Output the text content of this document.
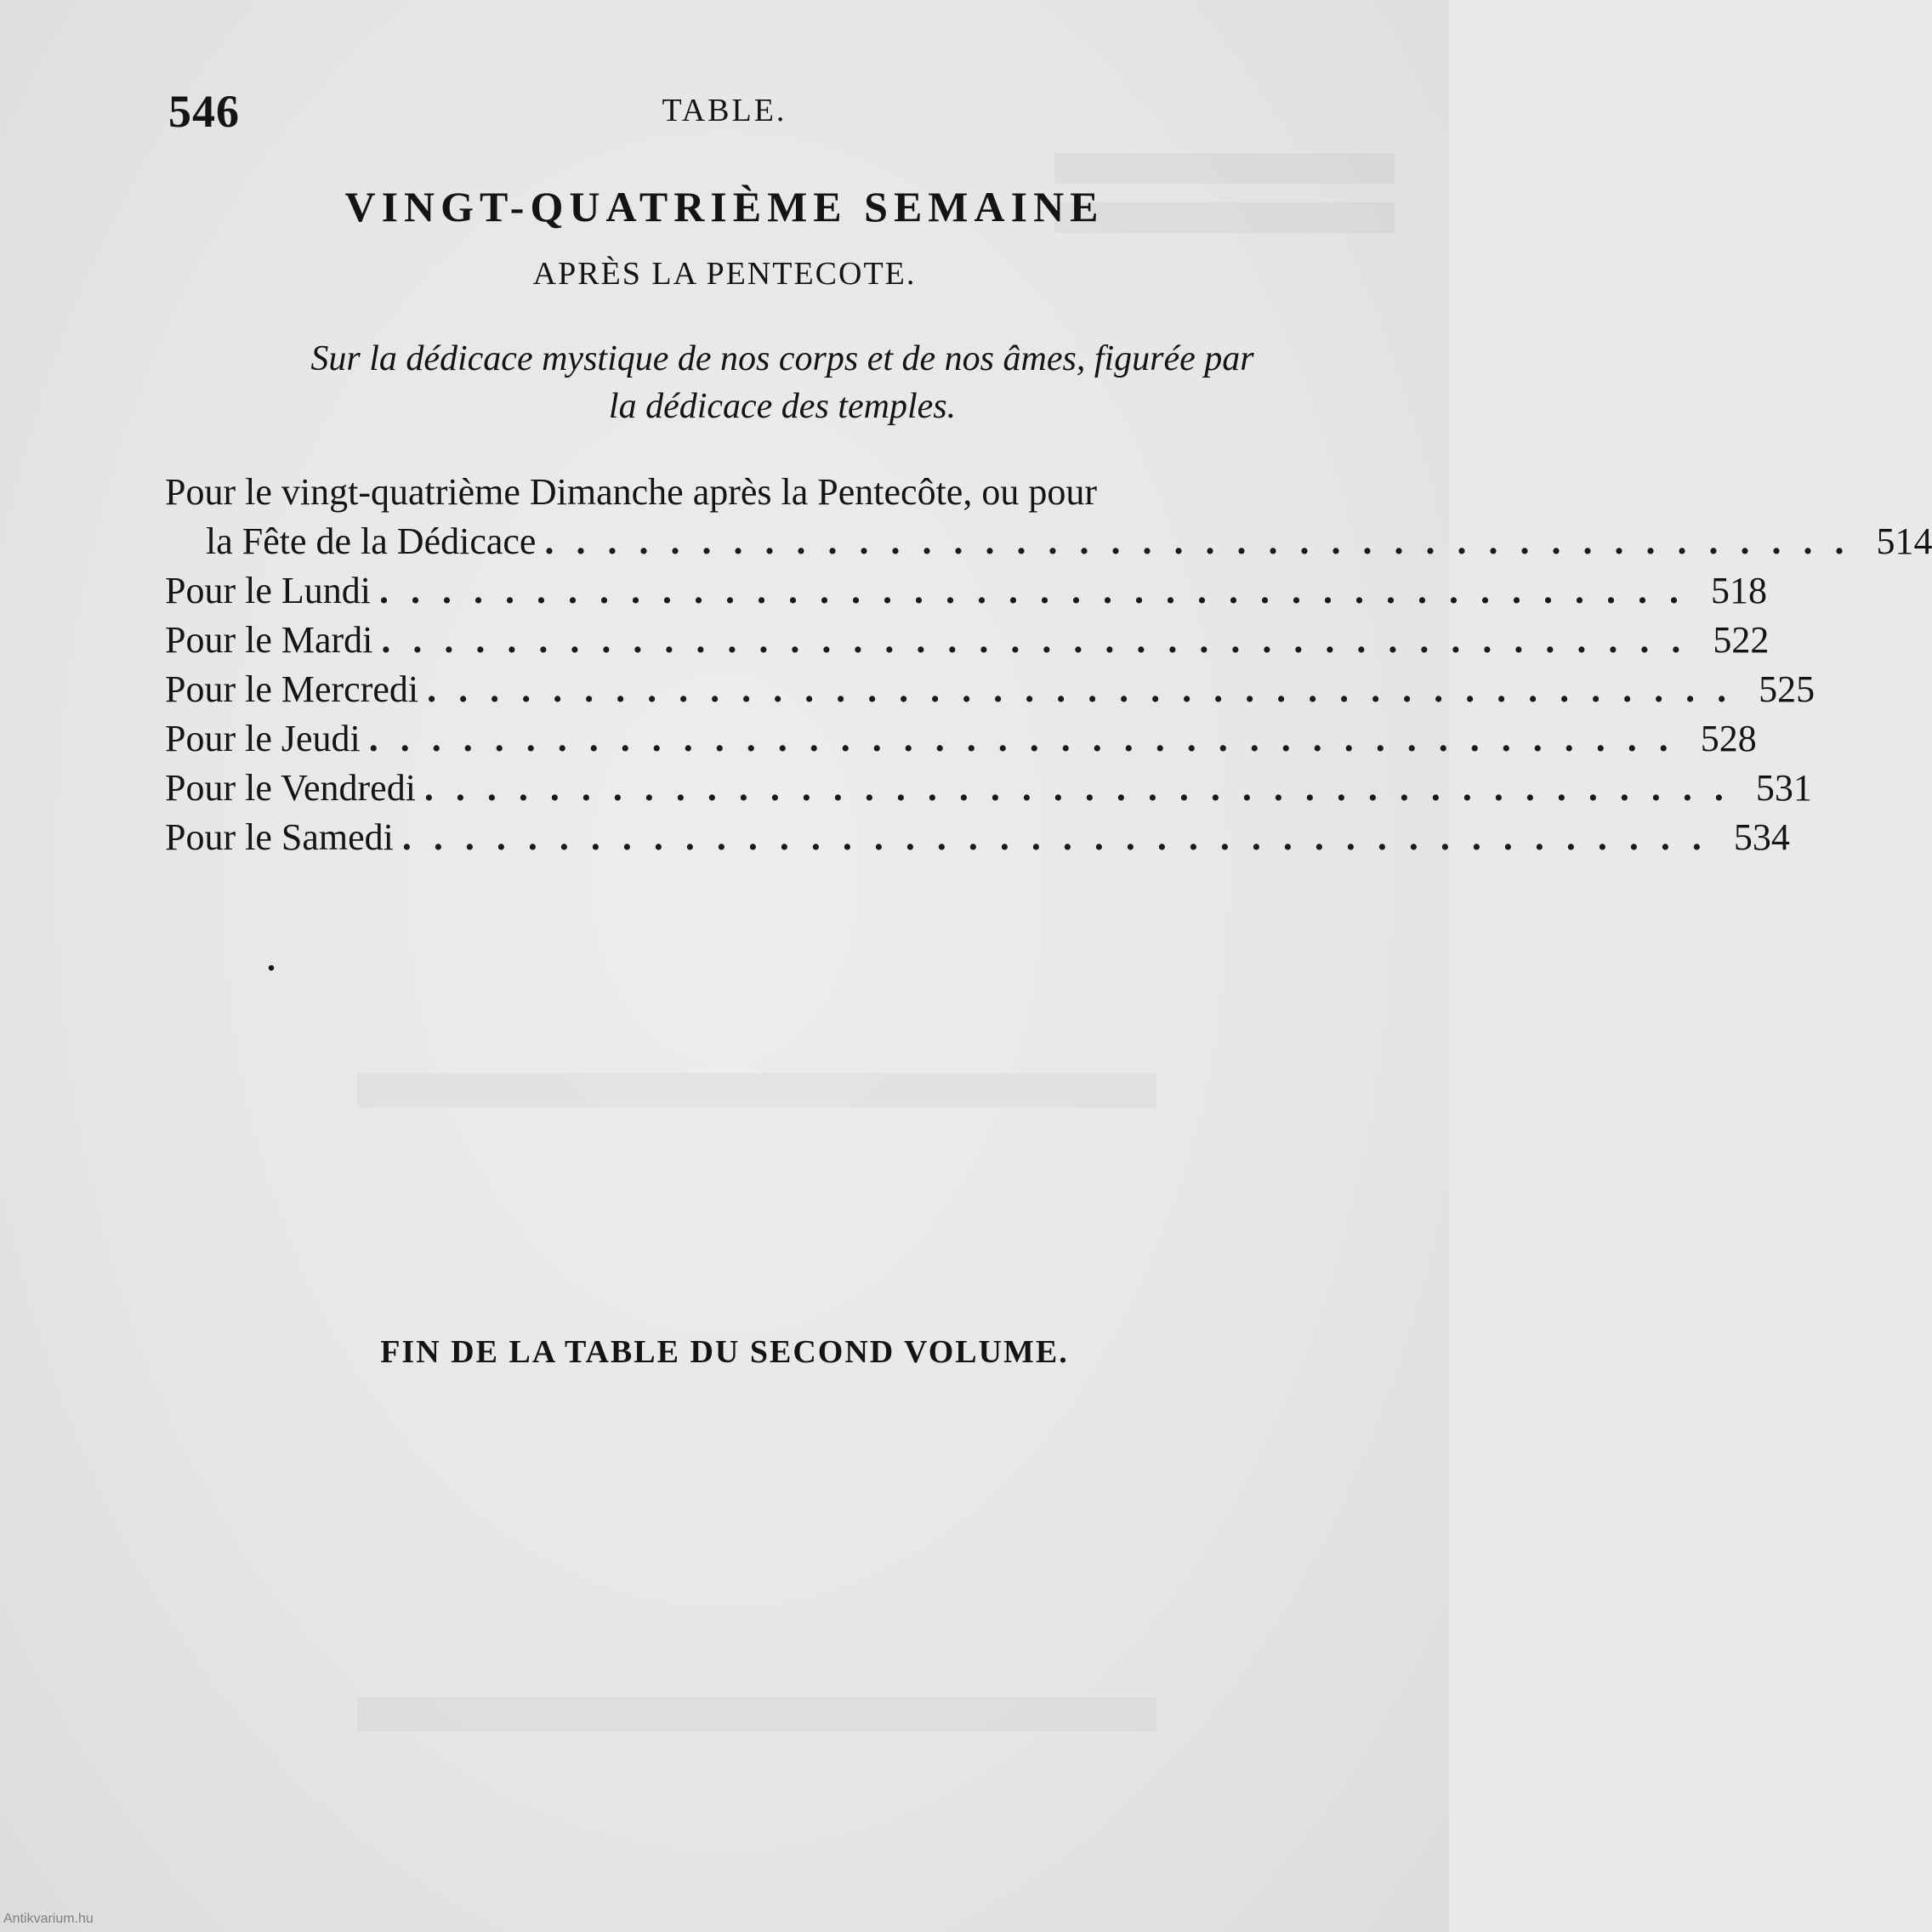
546	TABLE.
VINGT-QUATRIÈME SEMAINE
APRÈS LA PENTECOTE.
Sur la dédicace mystique de nos corps et de nos âmes, figurée par
la dédicace des temples.
Pour le vingt-quatrième Dimanche après la Pentecôte, ou pour
la Fête de la Dédicace .......................................... 514
Pour le Lundi .......................................... 518
Pour le Mardi .......................................... 522
Pour le Mercredi .......................................... 525
Pour le Jeudi .......................................... 528
Pour le Vendredi .......................................... 531
Pour le Samedi .......................................... 534
.
FIN DE LA TABLE DU SECOND VOLUME.
Antikvarium.hu
